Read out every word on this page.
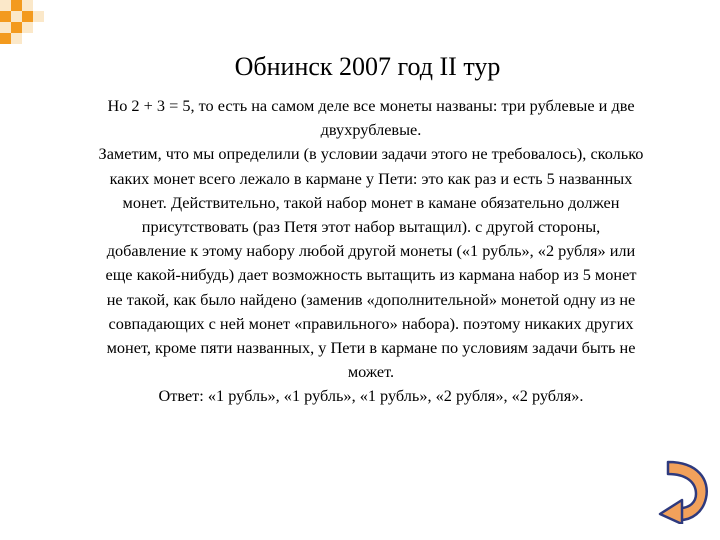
Обнинск 2007 год II тур
Но 2 + 3 = 5, то есть на самом деле все монеты названы: три рублевые и две
двухрублевые.
Заметим, что мы определили (в условии задачи этого не требовалось), сколько
каких монет всего лежало в кармане у Пети: это как раз и есть 5 названных
монет. Действительно, такой набор монет в камане обязательно должен
присутствовать (раз Петя этот набор вытащил). с другой стороны,
добавление к этому набору любой другой монеты («1 рубль», «2 рубля» или
еще какой-нибудь) дает возможность вытащить из кармана набор из 5 монет
не такой, как было найдено (заменив «дополнительной» монетой одну из не
совпадающих с ней монет «правильного» набора). поэтому никаких других
монет, кроме пяти названных, у Пети в кармане по условиям задачи быть не
может.
Ответ: «1 рубль», «1 рубль», «1 рубль», «2 рубля», «2 рубля».
